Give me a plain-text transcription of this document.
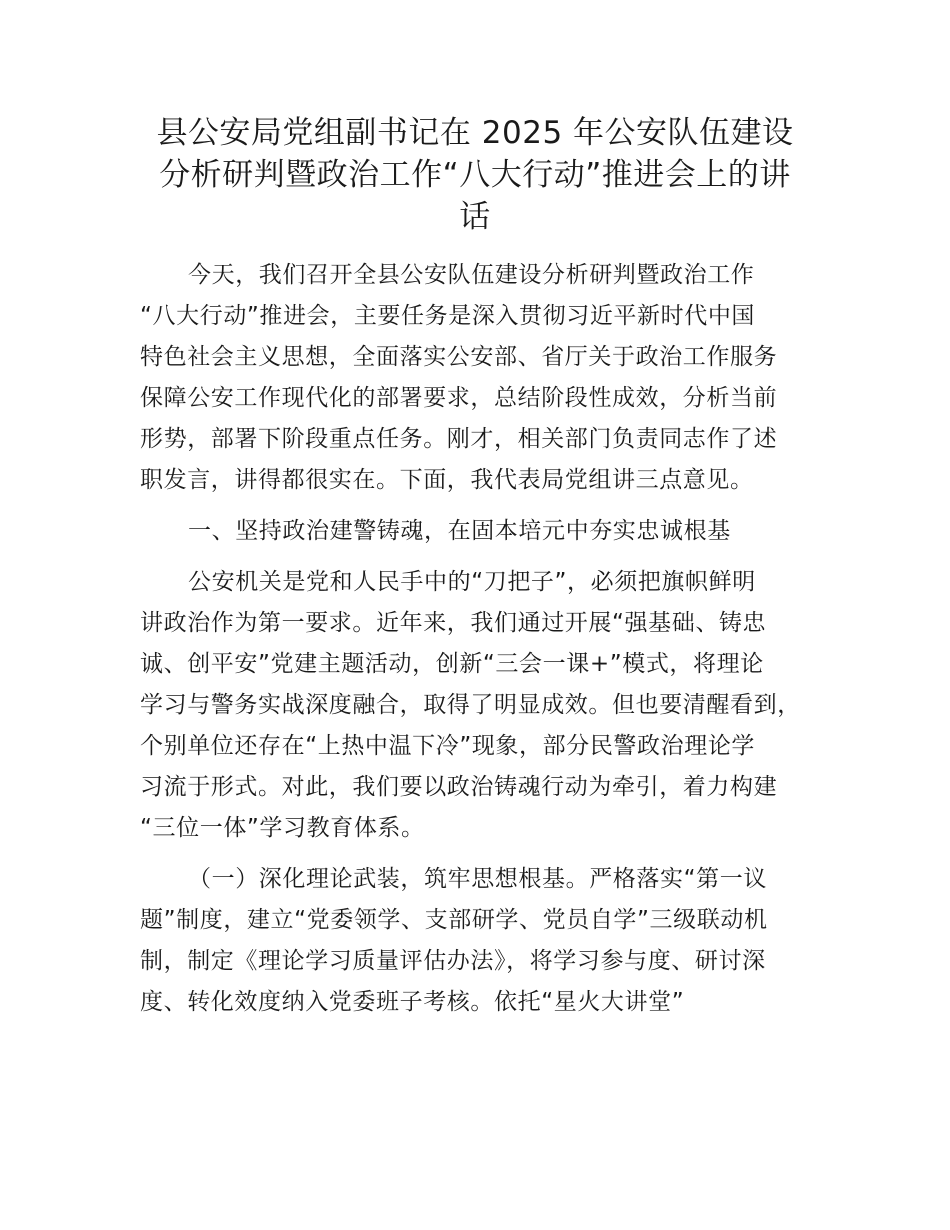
县公安局党组副书记在 2025 年公安队伍建设
分析研判暨政治工作“八大行动”推进会上的讲
话

今天，我们召开全县公安队伍建设分析研判暨政治工作
“八大行动”推进会，主要任务是深入贯彻习近平新时代中国
特色社会主义思想，全面落实公安部、省厅关于政治工作服务
保障公安工作现代化的部署要求，总结阶段性成效，分析当前
形势，部署下阶段重点任务。刚才，相关部门负责同志作了述
职发言，讲得都很实在。下面，我代表局党组讲三点意见。

一、坚持政治建警铸魂，在固本培元中夯实忠诚根基

公安机关是党和人民手中的“刀把子”，必须把旗帜鲜明
讲政治作为第一要求。近年来，我们通过开展“强基础、铸忠
诚、创平安”党建主题活动，创新“三会一课+”模式，将理论
学习与警务实战深度融合，取得了明显成效。但也要清醒看到，
个别单位还存在“上热中温下冷”现象，部分民警政治理论学
习流于形式。对此，我们要以政治铸魂行动为牵引，着力构建
“三位一体”学习教育体系。

（一）深化理论武装，筑牢思想根基。严格落实“第一议
题”制度，建立“党委领学、支部研学、党员自学”三级联动机
制，制定《理论学习质量评估办法》，将学习参与度、研讨深
度、转化效度纳入党委班子考核。依托“星火大讲堂”
